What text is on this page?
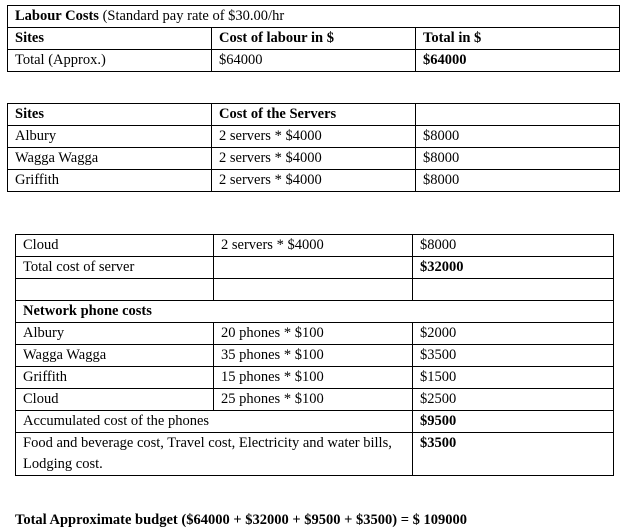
Labour Costs (Standard pay rate of $30.00/hr		
Sites	Cost of labour in $	Total in $
Total (Approx.)	$64000	$64000
Sites	Cost of the Servers	
Albury	2 servers * $4000	$8000
Wagga Wagga	2 servers * $4000	$8000
Griffith	2 servers * $4000	$8000
Cloud	2 servers * $4000	$8000
Total cost of server		$32000

Network phone costs		
Albury	20 phones * $100	$2000
Wagga Wagga	35 phones * $100	$3500
Griffith	15 phones * $100	$1500
Cloud	25 phones * $100	$2500
Accumulated cost of the phones		$9500
Food and beverage cost, Travel cost, Electricity and water bills, Lodging cost.		$3500
Total Approximate budget ($64000 + $32000 + $9500 + $3500) = $ 109000
